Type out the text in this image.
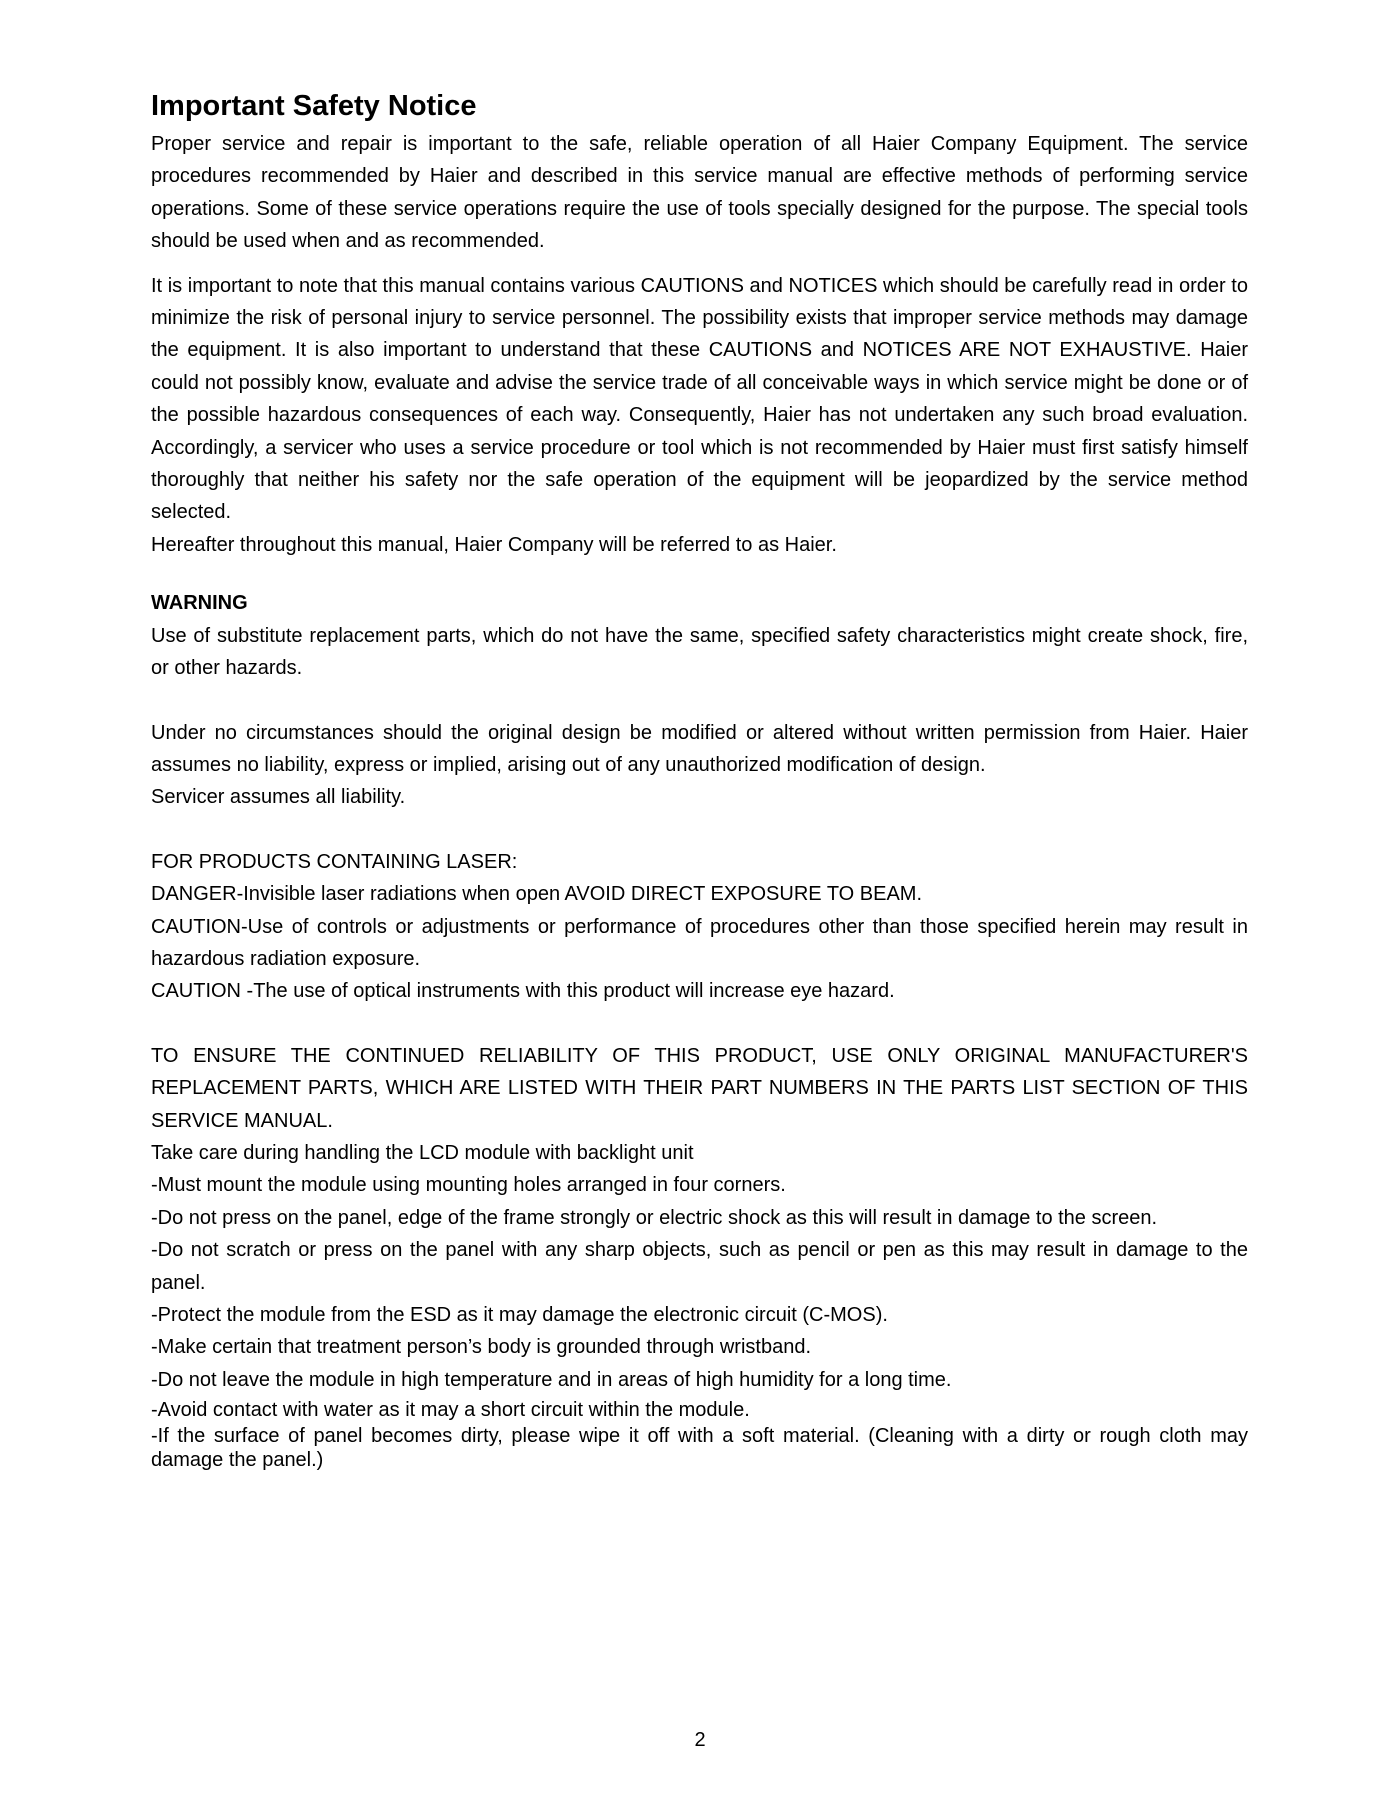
Important Safety Notice

Proper service and repair is important to the safe, reliable operation of all Haier Company Equipment. The service procedures recommended by Haier and described in this service manual are effective methods of performing service operations. Some of these service operations require the use of tools specially designed for the purpose. The special tools should be used when and as recommended.

It is important to note that this manual contains various CAUTIONS and NOTICES which should be carefully read in order to minimize the risk of personal injury to service personnel. The possibility exists that improper service methods may damage the equipment. It is also important to understand that these CAUTIONS and NOTICES ARE NOT EXHAUSTIVE. Haier could not possibly know, evaluate and advise the service trade of all conceivable ways in which service might be done or of the possible hazardous consequences of each way. Consequently, Haier has not undertaken any such broad evaluation. Accordingly, a servicer who uses a service procedure or tool which is not recommended by Haier must first satisfy himself thoroughly that neither his safety nor the safe operation of the equipment will be jeopardized by the service method selected.

Hereafter throughout this manual, Haier Company will be referred to as Haier.

WARNING

Use of substitute replacement parts, which do not have the same, specified safety characteristics might create shock, fire, or other hazards.

Under no circumstances should the original design be modified or altered without written permission from Haier. Haier assumes no liability, express or implied, arising out of any unauthorized modification of design.

Servicer assumes all liability.

FOR PRODUCTS CONTAINING LASER:

DANGER-Invisible laser radiations when open AVOID DIRECT EXPOSURE TO BEAM.

CAUTION-Use of controls or adjustments or performance of procedures other than those specified herein may result in hazardous radiation exposure.

CAUTION -The use of optical instruments with this product will increase eye hazard.

TO ENSURE THE CONTINUED RELIABILITY OF THIS PRODUCT, USE ONLY ORIGINAL MANUFACTURER'S REPLACEMENT PARTS, WHICH ARE LISTED WITH THEIR PART NUMBERS IN THE PARTS LIST SECTION OF THIS SERVICE MANUAL.

Take care during handling the LCD module with backlight unit

-Must mount the module using mounting holes arranged in four corners.

-Do not press on the panel, edge of the frame strongly or electric shock as this will result in damage to the screen.

-Do not scratch or press on the panel with any sharp objects, such as pencil or pen as this may result in damage to the panel.

-Protect the module from the ESD as it may damage the electronic circuit (C-MOS).

-Make certain that treatment person’s body is grounded through wristband.

-Do not leave the module in high temperature and in areas of high humidity for a long time.

-Avoid contact with water as it may a short circuit within the module.

-If the surface of panel becomes dirty, please wipe it off with a soft material. (Cleaning with a dirty or rough cloth may damage the panel.)

2
